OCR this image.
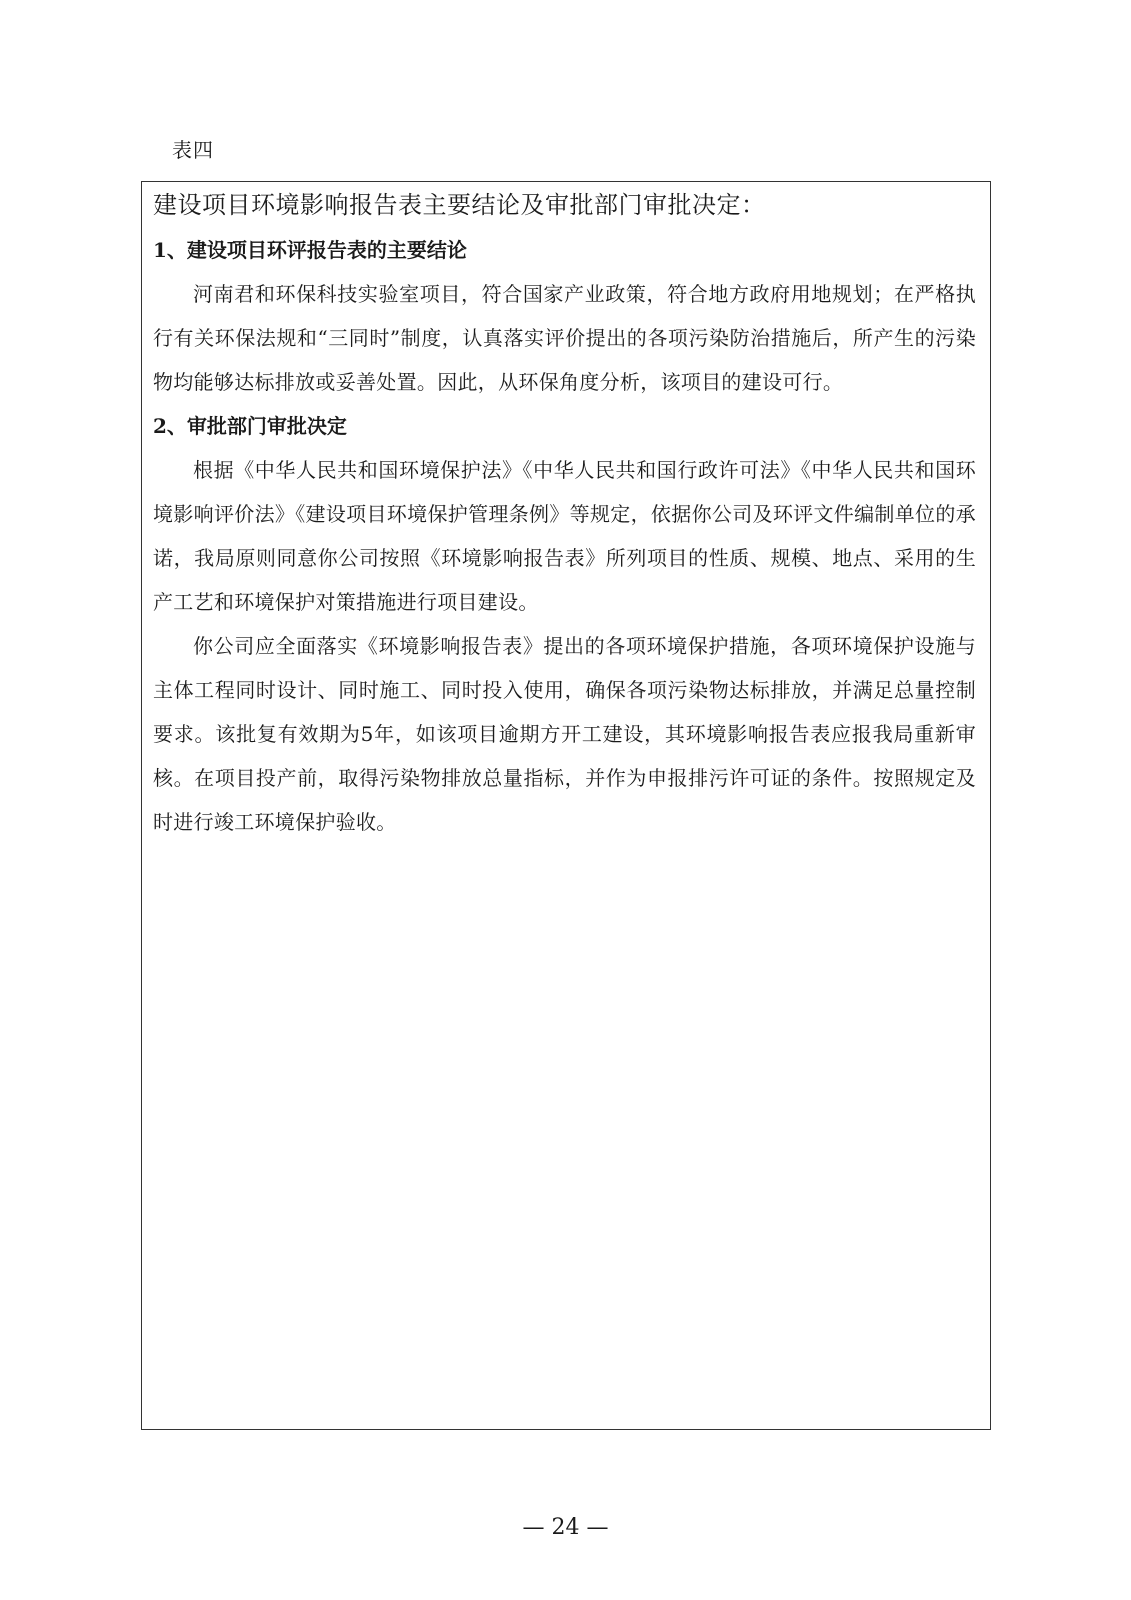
表四
建设项目环境影响报告表主要结论及审批部门审批决定：

1、建设项目环评报告表的主要结论

河南君和环保科技实验室项目，符合国家产业政策，符合地方政府用地规划；在严格执行有关环保法规和“三同时”制度，认真落实评价提出的各项污染防治措施后，所产生的污染物均能够达标排放或妥善处置。因此，从环保角度分析，该项目的建设可行。

2、审批部门审批决定

根据《中华人民共和国环境保护法》《中华人民共和国行政许可法》《中华人民共和国环境影响评价法》《建设项目环境保护管理条例》等规定，依据你公司及环评文件编制单位的承诺，我局原则同意你公司按照《环境影响报告表》所列项目的性质、规模、地点、采用的生产工艺和环境保护对策措施进行项目建设。

你公司应全面落实《环境影响报告表》提出的各项环境保护措施，各项环境保护设施与主体工程同时设计、同时施工、同时投入使用，确保各项污染物达标排放，并满足总量控制要求。该批复有效期为5年，如该项目逾期方开工建设，其环境影响报告表应报我局重新审核。在项目投产前，取得污染物排放总量指标，并作为申报排污许可证的条件。按照规定及时进行竣工环境保护验收。

— 24 —
